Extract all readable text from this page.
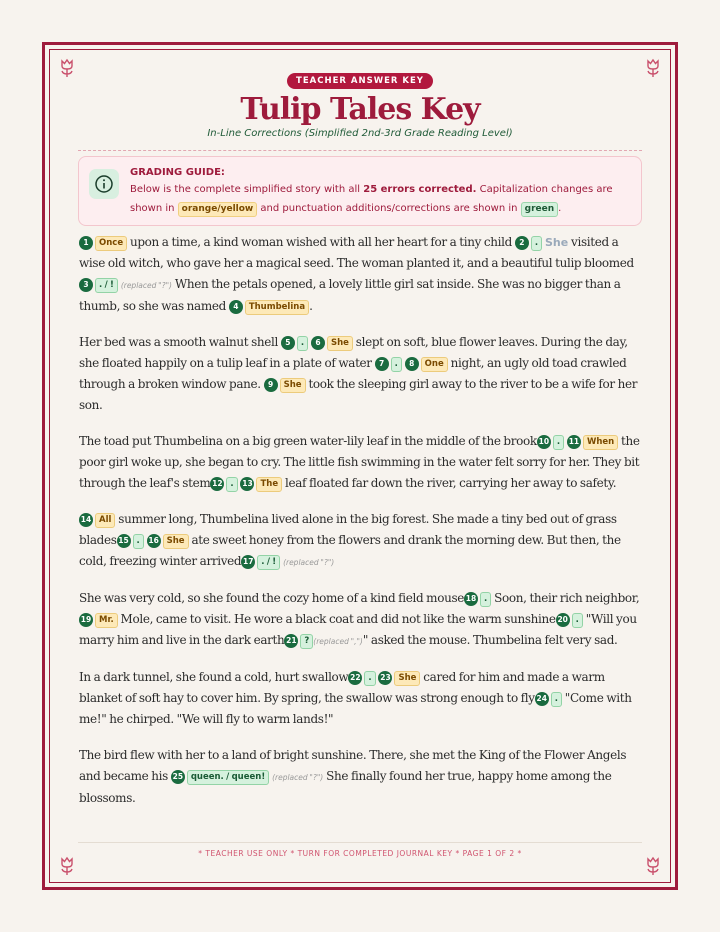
TEACHER ANSWER KEY
Tulip Tales Key
In-Line Corrections (Simplified 2nd-3rd Grade Reading Level)
GRADING GUIDE:
Below is the complete simplified story with all 25 errors corrected. Capitalization changes are
shown in orange/yellow and punctuation additions/corrections are shown in green .

1 Once upon a time, a kind woman wished with all her heart for a tiny child 2 . She visited a wise old witch, who gave her a magical seed. The woman planted it, and a beautiful tulip bloomed 3 . / ! (replaced "?") When the petals opened, a lovely little girl sat inside. She was no bigger than a thumb, so she was named 4 Thumbelina .

Her bed was a smooth walnut shell 5 . 6 She slept on soft, blue flower leaves. During the day, she floated happily on a tulip leaf in a plate of water 7 . 8 One night, an ugly old toad crawled through a broken window pane. 9 She took the sleeping girl away to the river to be a wife for her son.

The toad put Thumbelina on a big green water-lily leaf in the middle of the brook 10 . 11 When the poor girl woke up, she began to cry. The little fish swimming in the water felt sorry for her. They bit through the leaf's stem 12 . 13 The leaf floated far down the river, carrying her away to safety.

14 All summer long, Thumbelina lived alone in the big forest. She made a tiny bed out of grass blades 15 . 16 She ate sweet honey from the flowers and drank the morning dew. But then, the cold, freezing winter arrived 17 . / ! (replaced "?")

She was very cold, so she found the cozy home of a kind field mouse 18 . Soon, their rich neighbor, 19 Mr. Mole, came to visit. He wore a black coat and did not like the warm sunshine 20 . "Will you marry him and live in the dark earth 21 ? (replaced ",")" asked the mouse. Thumbelina felt very sad.

In a dark tunnel, she found a cold, hurt swallow 22 . 23 She cared for him and made a warm blanket of soft hay to cover him. By spring, the swallow was strong enough to fly 24 . "Come with me!" he chirped. "We will fly to warm lands!"

The bird flew with her to a land of bright sunshine. There, she met the King of the Flower Angels and became his 25 queen. / queen! (replaced "?") She finally found her true, happy home among the blossoms.

* TEACHER USE ONLY * TURN FOR COMPLETED JOURNAL KEY * PAGE 1 OF 2 *
